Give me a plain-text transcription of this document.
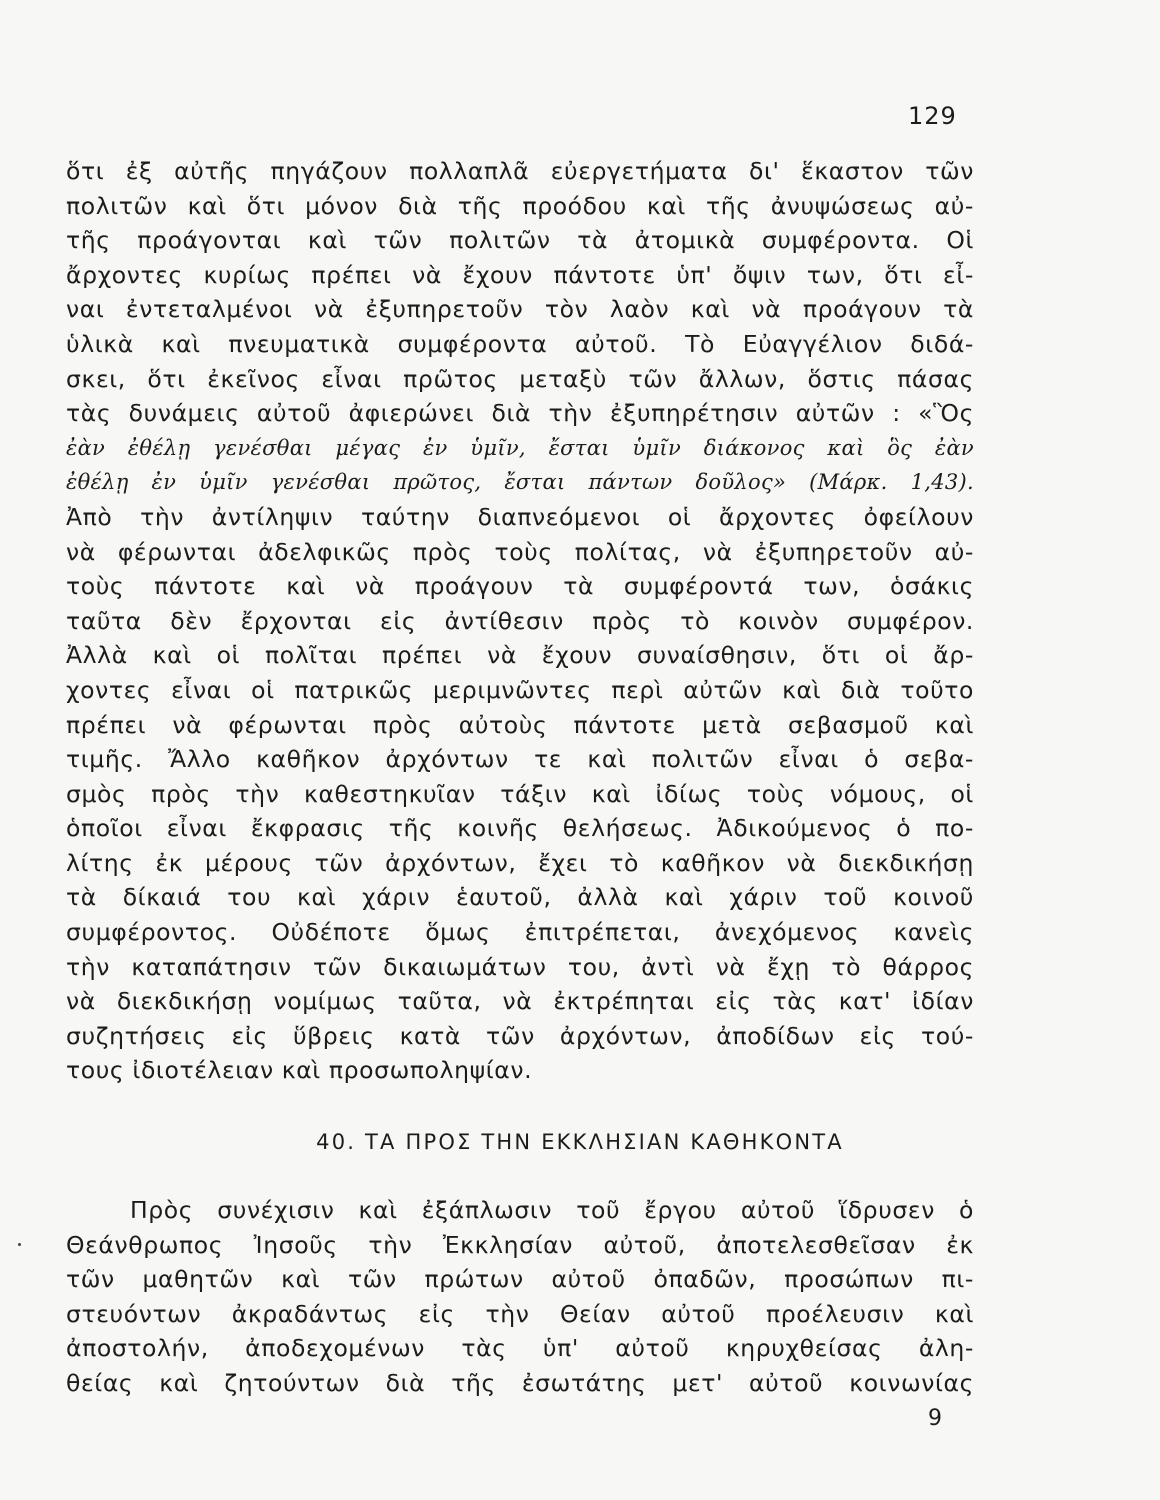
129
ὅτι ἐξ αὐτῆς πηγάζουν πολλαπλᾶ εὐεργετήματα δι' ἕκαστον τῶν
πολιτῶν καὶ ὅτι μόνον διὰ τῆς προόδου καὶ τῆς ἀνυψώσεως αὐ-
τῆς προάγονται καὶ τῶν πολιτῶν τὰ ἀτομικὰ συμφέροντα. Οἱ
ἄρχοντες κυρίως πρέπει νὰ ἔχουν πάντοτε ὑπ' ὄψιν των, ὅτι εἶ-
ναι ἐντεταλμένοι νὰ ἐξυπηρετοῦν τὸν λαὸν καὶ νὰ προάγουν τὰ
ὑλικὰ καὶ πνευματικὰ συμφέροντα αὐτοῦ. Τὸ Εὐαγγέλιον διδά-
σκει, ὅτι ἐκεῖνος εἶναι πρῶτος μεταξὺ τῶν ἄλλων, ὅστις πάσας
τὰς δυνάμεις αὐτοῦ ἀφιερώνει διὰ τὴν ἐξυπηρέτησιν αὐτῶν : «Ὃς
ἐὰν ἐθέλῃ γενέσθαι μέγας ἐν ὑμῖν, ἔσται ὑμῖν διάκονος καὶ ὃς ἐὰν
ἐθέλῃ ἐν ὑμῖν γενέσθαι πρῶτος, ἔσται πάντων δοῦλος» (Μάρκ. 1,43).
Ἀπὸ τὴν ἀντίληψιν ταύτην διαπνεόμενοι οἱ ἄρχοντες ὀφείλουν
νὰ φέρωνται ἀδελφικῶς πρὸς τοὺς πολίτας, νὰ ἐξυπηρετοῦν αὐ-
τοὺς πάντοτε καὶ νὰ προάγουν τὰ συμφέροντά των, ὁσάκις
ταῦτα δὲν ἔρχονται εἰς ἀντίθεσιν πρὸς τὸ κοινὸν συμφέρον.
Ἀλλὰ καὶ οἱ πολῖται πρέπει νὰ ἔχουν συναίσθησιν, ὅτι οἱ ἄρ-
χοντες εἶναι οἱ πατρικῶς μεριμνῶντες περὶ αὐτῶν καὶ διὰ τοῦτο
πρέπει νὰ φέρωνται πρὸς αὐτοὺς πάντοτε μετὰ σεβασμοῦ καὶ
τιμῆς. Ἄλλο καθῆκον ἀρχόντων τε καὶ πολιτῶν εἶναι ὁ σεβα-
σμὸς πρὸς τὴν καθεστηκυῖαν τάξιν καὶ ἰδίως τοὺς νόμους, οἱ
ὁποῖοι εἶναι ἔκφρασις τῆς κοινῆς θελήσεως. Ἀδικούμενος ὁ πο-
λίτης ἐκ μέρους τῶν ἀρχόντων, ἔχει τὸ καθῆκον νὰ διεκδικήσῃ
τὰ δίκαιά του καὶ χάριν ἑαυτοῦ, ἀλλὰ καὶ χάριν τοῦ κοινοῦ
συμφέροντος. Οὐδέποτε ὅμως ἐπιτρέπεται, ἀνεχόμενος κανεὶς
τὴν καταπάτησιν τῶν δικαιωμάτων του, ἀντὶ νὰ ἔχῃ τὸ θάρρος
νὰ διεκδικήσῃ νομίμως ταῦτα, νὰ ἐκτρέπηται εἰς τὰς κατ' ἰδίαν
συζητήσεις εἰς ὕβρεις κατὰ τῶν ἀρχόντων, ἀποδίδων εἰς τού-
τους ἰδιοτέλειαν καὶ προσωποληψίαν.
40. ΤΑ ΠΡΟΣ ΤΗΝ ΕΚΚΛΗΣΙΑΝ ΚΑΘΗΚΟΝΤΑ
Πρὸς συνέχισιν καὶ ἐξάπλωσιν τοῦ ἔργου αὐτοῦ ἵδρυσεν ὁ
Θεάνθρωπος Ἰησοῦς τὴν Ἐκκλησίαν αὐτοῦ, ἀποτελεσθεῖσαν ἐκ
τῶν μαθητῶν καὶ τῶν πρώτων αὐτοῦ ὀπαδῶν, προσώπων πι-
στευόντων ἀκραδάντως εἰς τὴν Θείαν αὐτοῦ προέλευσιν καὶ
ἀποστολήν, ἀποδεχομένων τὰς ὑπ' αὐτοῦ κηρυχθείσας ἀλη-
θείας καὶ ζητούντων διὰ τῆς ἐσωτάτης μετ' αὐτοῦ κοινωνίας
9
